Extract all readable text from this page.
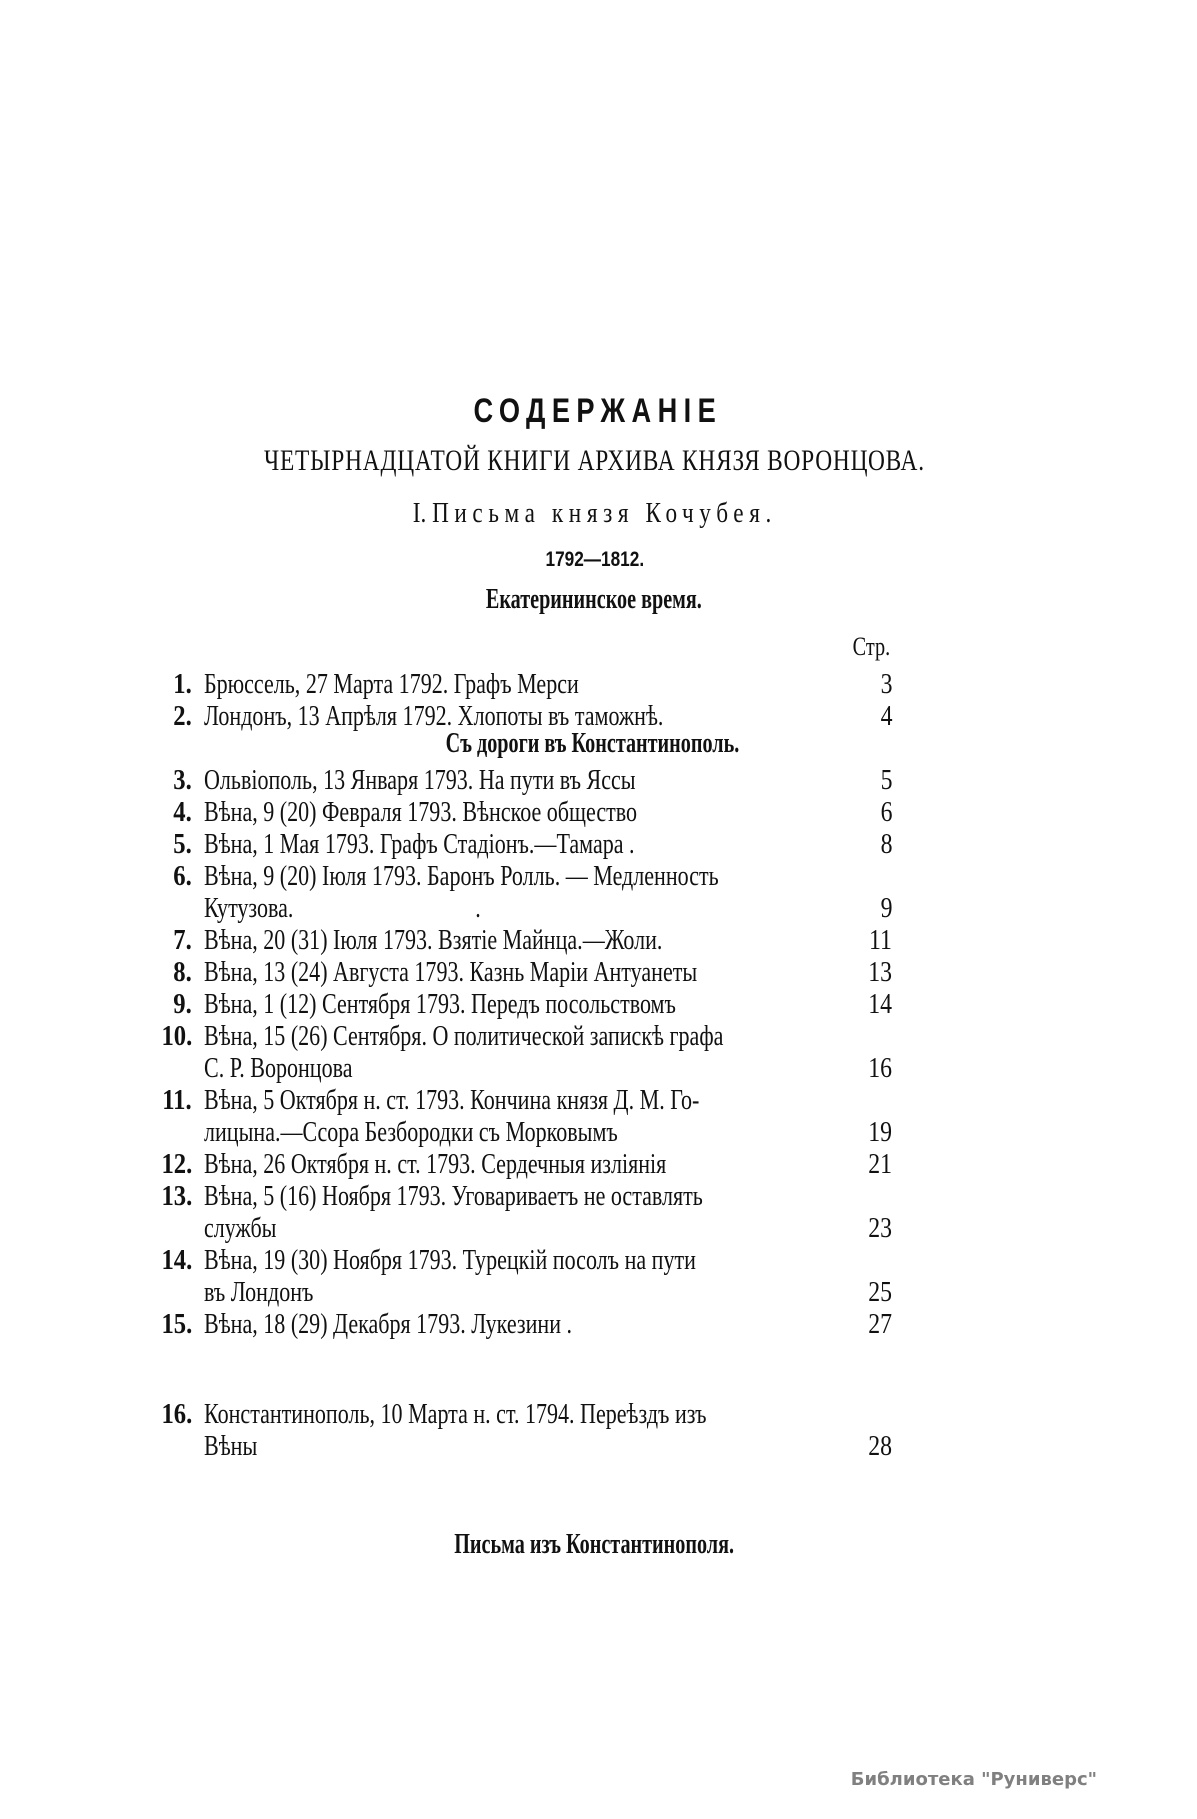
СОДЕРЖАНІЕ
ЧЕТЫРНАДЦАТОЙ КНИГИ АРХИВА КНЯЗЯ ВОРОНЦОВА.
I. Письма князя Кочубея.
1792—1812.
Екатерининское время.
Стр.
Съ дороги въ Константинополь.
Письма изъ Константинополя.
1. Брюссель, 27 Марта 1792. Графъ Мерси	3
2. Лондонъ, 13 Апрѣля 1792. Хлопоты въ таможнѣ.	4
3. Ольвіополь, 13 Января 1793. На пути въ Яссы	5
4. Вѣна, 9 (20) Февраля 1793. Вѣнское общество	6
5. Вѣна, 1 Мая 1793. Графъ Стадіонъ.—Тамара .	8
6. Вѣна, 9 (20) Іюля 1793. Баронъ Ролль. — Медленность
Кутузова.                                 .	9
7. Вѣна, 20 (31) Іюля 1793. Взятіе Майнца.—Жоли.	11
8. Вѣна, 13 (24) Августа 1793. Казнь Маріи Антуанеты	13
9. Вѣна, 1 (12) Сентября 1793. Передъ посольствомъ	14
10. Вѣна, 15 (26) Сентября. О политической запискѣ графа
С. Р. Воронцова	16
11. Вѣна, 5 Октября н. ст. 1793. Кончина князя Д. М. Го-
лицына.—Ссора Безбородки съ Морковымъ	19
12. Вѣна, 26 Октября н. ст. 1793. Сердечныя изліянія	21
13. Вѣна, 5 (16) Ноября 1793. Уговариваетъ не оставлять
службы	23
14. Вѣна, 19 (30) Ноября 1793. Турецкій посолъ на пути
въ Лондонъ	25
15. Вѣна, 18 (29) Декабря 1793. Лукезини .	27
16. Константинополь, 10 Марта н. ст. 1794. Переѣздъ изъ
Вѣны	28
Библиотека "Руниверс"
